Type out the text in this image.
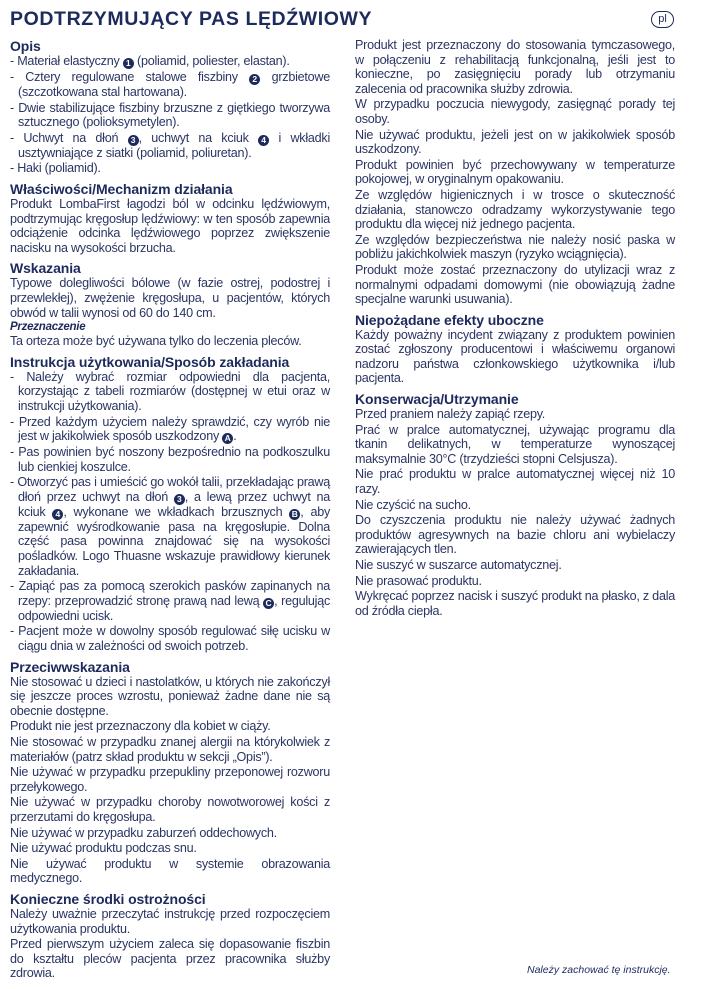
PODTRZYMUJĄCY PAS LĘDŹWIOWY	pl
Opis

- Materiał elastyczny 1 (poliamid, poliester, elastan).

- Cztery regulowane stalowe fiszbiny 2 grzbietowe (szczotkowana stal hartowana).

- Dwie stabilizujące fiszbiny brzuszne z giętkiego tworzywa sztucznego (polioksymetylen).

- Uchwyt na dłoń 3 , uchwyt na kciuk 4 i wkładki usztywniające z siatki (poliamid, poliuretan).

- Haki (poliamid).

Właściwości/Mechanizm działania

Produkt LombaFirst łagodzi ból w odcinku lędźwiowym, podtrzymując kręgosłup lędźwiowy: w ten sposób zapewnia odciążenie odcinka lędźwiowego poprzez zwiększenie nacisku na wysokości brzucha.

Wskazania

Typowe dolegliwości bólowe (w fazie ostrej, podostrej i przewlekłej), zwężenie kręgosłupa, u pacjentów, których obwód w talii wynosi od 60 do 140 cm.

Przeznaczenie

Ta orteza może być używana tylko do leczenia pleców.

Instrukcja użytkowania/Sposób zakładania

- Należy wybrać rozmiar odpowiedni dla pacjenta, korzystając z tabeli rozmiarów (dostępnej w etui oraz w instrukcji użytkowania).

- Przed każdym użyciem należy sprawdzić, czy wyrób nie jest w jakikolwiek sposób uszkodzony A .

- Pas powinien być noszony bezpośrednio na podkoszulku lub cienkiej koszulce.

- Otworzyć pas i umieścić go wokół talii, przekładając prawą dłoń przez uchwyt na dłoń 3 , a lewą przez uchwyt na kciuk 4 , wykonane we wkładkach brzusznych B , aby zapewnić wyśrodkowanie pasa na kręgosłupie. Dolna część pasa powinna znajdować się na wysokości pośladków. Logo Thuasne wskazuje prawidłowy kierunek zakładania.

- Zapiąć pas za pomocą szerokich pasków zapinanych na rzepy: przeprowadzić stronę prawą nad lewą C , regulując odpowiedni ucisk.

- Pacjent może w dowolny sposób regulować siłę ucisku w ciągu dnia w zależności od swoich potrzeb.

Przeciwwskazania

Nie stosować u dzieci i nastolatków, u których nie zakończył się jeszcze proces wzrostu, ponieważ żadne dane nie są obecnie dostępne.

Produkt nie jest przeznaczony dla kobiet w ciąży.

Nie stosować w przypadku znanej alergii na którykolwiek z materiałów (patrz skład produktu w sekcji „Opis”).

Nie używać w przypadku przepukliny przeponowej rozworu przełykowego.

Nie używać w przypadku choroby nowotworowej kości z przerzutami do kręgosłupa.

Nie używać w przypadku zaburzeń oddechowych.

Nie używać produktu podczas snu.

Nie używać produktu w systemie obrazowania medycznego.

Konieczne środki ostrożności

Należy uważnie przeczytać instrukcję przed rozpoczęciem użytkowania produktu.

Przed pierwszym użyciem zaleca się dopasowanie fiszbin do kształtu pleców pacjenta przez pracownika służby zdrowia.

Produkt jest przeznaczony do stosowania tymczasowego, w połączeniu z rehabilitacją funkcjonalną, jeśli jest to konieczne, po zasięgnięciu porady lub otrzymaniu zalecenia od pracownika służby zdrowia.

W przypadku poczucia niewygody, zasięgnąć porady tej osoby.

Nie używać produktu, jeżeli jest on w jakikolwiek sposób uszkodzony.

Produkt powinien być przechowywany w temperaturze pokojowej, w oryginalnym opakowaniu.

Ze względów higienicznych i w trosce o skuteczność działania, stanowczo odradzamy wykorzystywanie tego produktu dla więcej niż jednego pacjenta.

Ze względów bezpieczeństwa nie należy nosić paska w pobliżu jakichkolwiek maszyn (ryzyko wciągnięcia).

Produkt może zostać przeznaczony do utylizacji wraz z normalnymi odpadami domowymi (nie obowiązują żadne specjalne warunki usuwania).

Niepożądane efekty uboczne

Każdy poważny incydent związany z produktem powinien zostać zgłoszony producentowi i właściwemu organowi nadzoru państwa członkowskiego użytkownika i/lub pacjenta.

Konserwacja/Utrzymanie

Przed praniem należy zapiąć rzepy.

Prać w pralce automatycznej, używając programu dla tkanin delikatnych, w temperaturze wynoszącej maksymalnie 30°C (trzydzieści stopni Celsjusza).

Nie prać produktu w pralce automatycznej więcej niż 10 razy.

Nie czyścić na sucho.

Do czyszczenia produktu nie należy używać żadnych produktów agresywnych na bazie chloru ani wybielaczy zawierających tlen.

Nie suszyć w suszarce automatycznej.

Nie prasować produktu.

Wykręcać poprzez nacisk i suszyć produkt na płasko, z dala od źródła ciepła.

Należy zachować tę instrukcję.
